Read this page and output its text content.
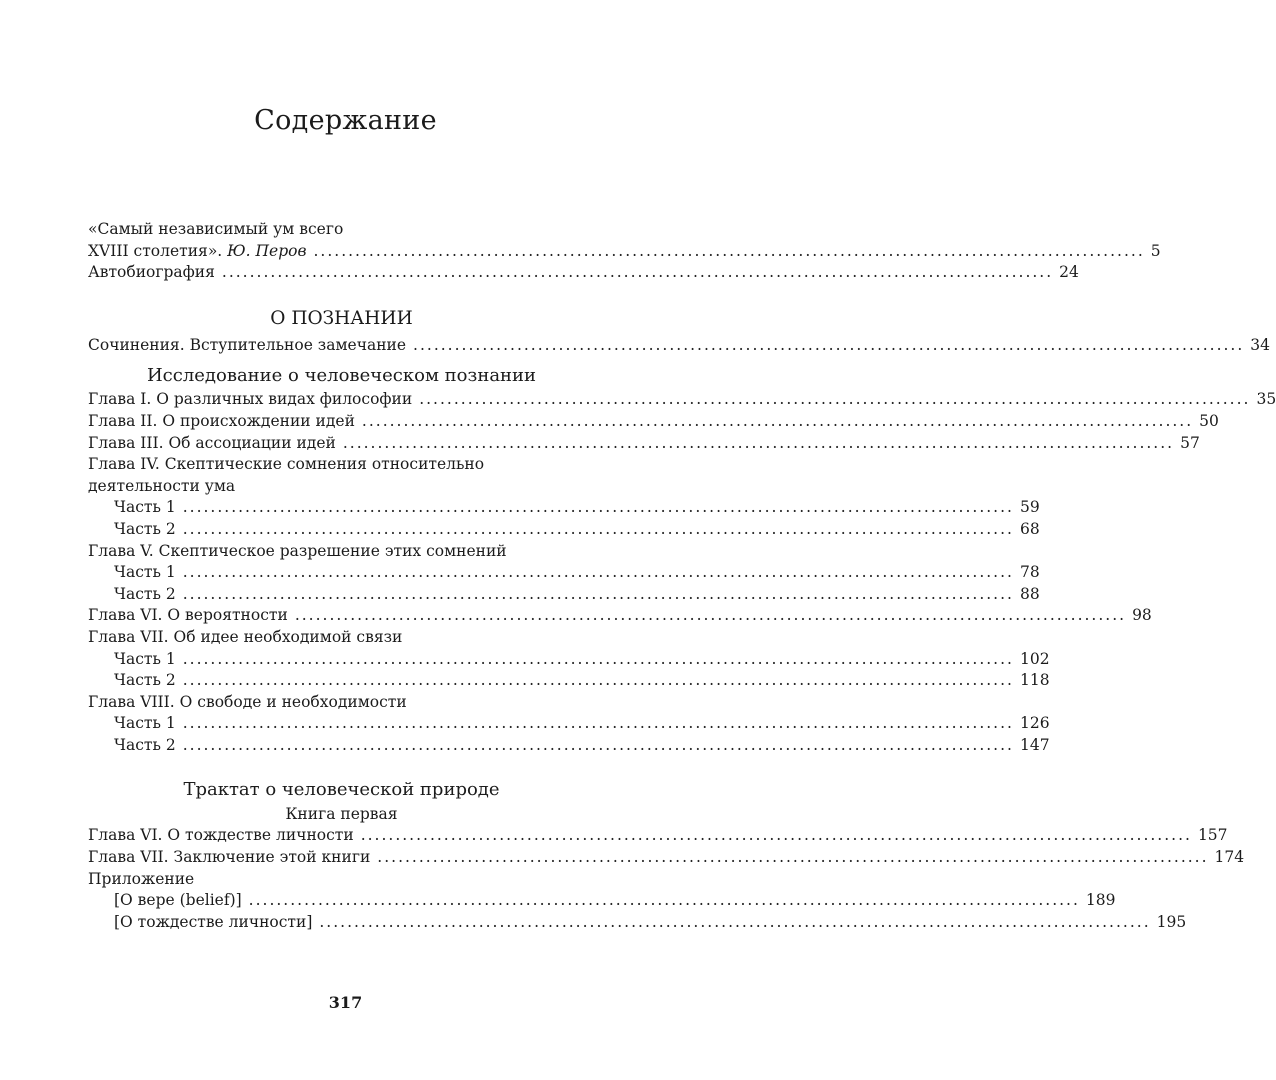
Содержание
«Самый независимый ум всего
XVIII столетия». Ю. Перов ........................................................................................................................ 5
Автобиография ........................................................................................................................ 24
О ПОЗНАНИИ
Сочинения. Вступительное замечание ........................................................................................................................ 34
Исследование о человеческом познании
Глава I. О различных видах философии ........................................................................................................................ 35
Глава II. О происхождении идей ........................................................................................................................ 50
Глава III. Об ассоциации идей ........................................................................................................................ 57
Глава IV. Скептические сомнения относительно
деятельности ума
Часть 1 ........................................................................................................................ 59
Часть 2 ........................................................................................................................ 68
Глава V. Скептическое разрешение этих сомнений
Часть 1 ........................................................................................................................ 78
Часть 2 ........................................................................................................................ 88
Глава VI. О вероятности ........................................................................................................................ 98
Глава VII. Об идее необходимой связи
Часть 1 ........................................................................................................................ 102
Часть 2 ........................................................................................................................ 118
Глава VIII. О свободе и необходимости
Часть 1 ........................................................................................................................ 126
Часть 2 ........................................................................................................................ 147
Трактат о человеческой природе
Книга первая
Глава VI. О тождестве личности ........................................................................................................................ 157
Глава VII. Заключение этой книги ........................................................................................................................ 174
Приложение
[О вере (belief)] ........................................................................................................................ 189
[О тождестве личности] ........................................................................................................................ 195
317
